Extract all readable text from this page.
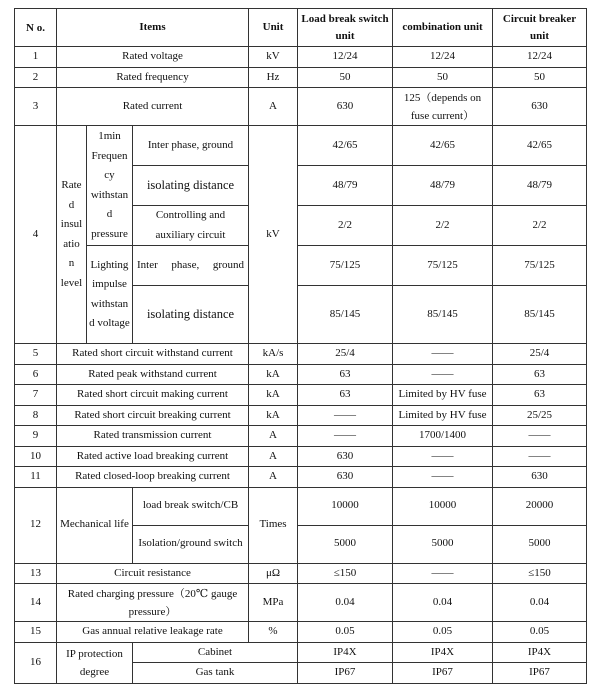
N o.	Items			Unit	Load break switch unit	combination unit	Circuit breaker unit
1	Rated voltage			kV	12/24	12/24	12/24
2	Rated frequency			Hz	50	50	50
3	Rated current			A	630	125（depends on fuse current）	630
4	Rate d insul atio n level	1min Frequen cy withstan d pressure	Inter phase, ground	kV	42/65	42/65	42/65
			isolating distance		48/79	48/79	48/79
			Controlling and auxiliary circuit		2/2	2/2	2/2
		Lighting impulse withstan d voltage	Inter phase, ground		75/125	75/125	75/125
			isolating distance		85/145	85/145	85/145
5	Rated short circuit withstand current			kA/s	25/4	——	25/4
6	Rated peak withstand current			kA	63	——	63
7	Rated short circuit making current			kA	63	Limited by HV fuse	63
8	Rated short circuit breaking current			kA	——	Limited by HV fuse	25/25
9	Rated transmission current			A	——	1700/1400	——
10	Rated active load breaking current			A	630	——	——
11	Rated closed-loop breaking current			A	630	——	630
12	Mechanical life		load break switch/CB	Times	10000	10000	20000
			Isolation/ground switch		5000	5000	5000
13	Circuit resistance			μΩ	≤150	——	≤150
14	Rated charging pressure（20℃ gauge pressure）			MPa	0.04	0.04	0.04
15	Gas annual relative leakage rate			%	0.05	0.05	0.05
16	IP protection degree		Cabinet		IP4X	IP4X	IP4X
			Gas tank		IP67	IP67	IP67
